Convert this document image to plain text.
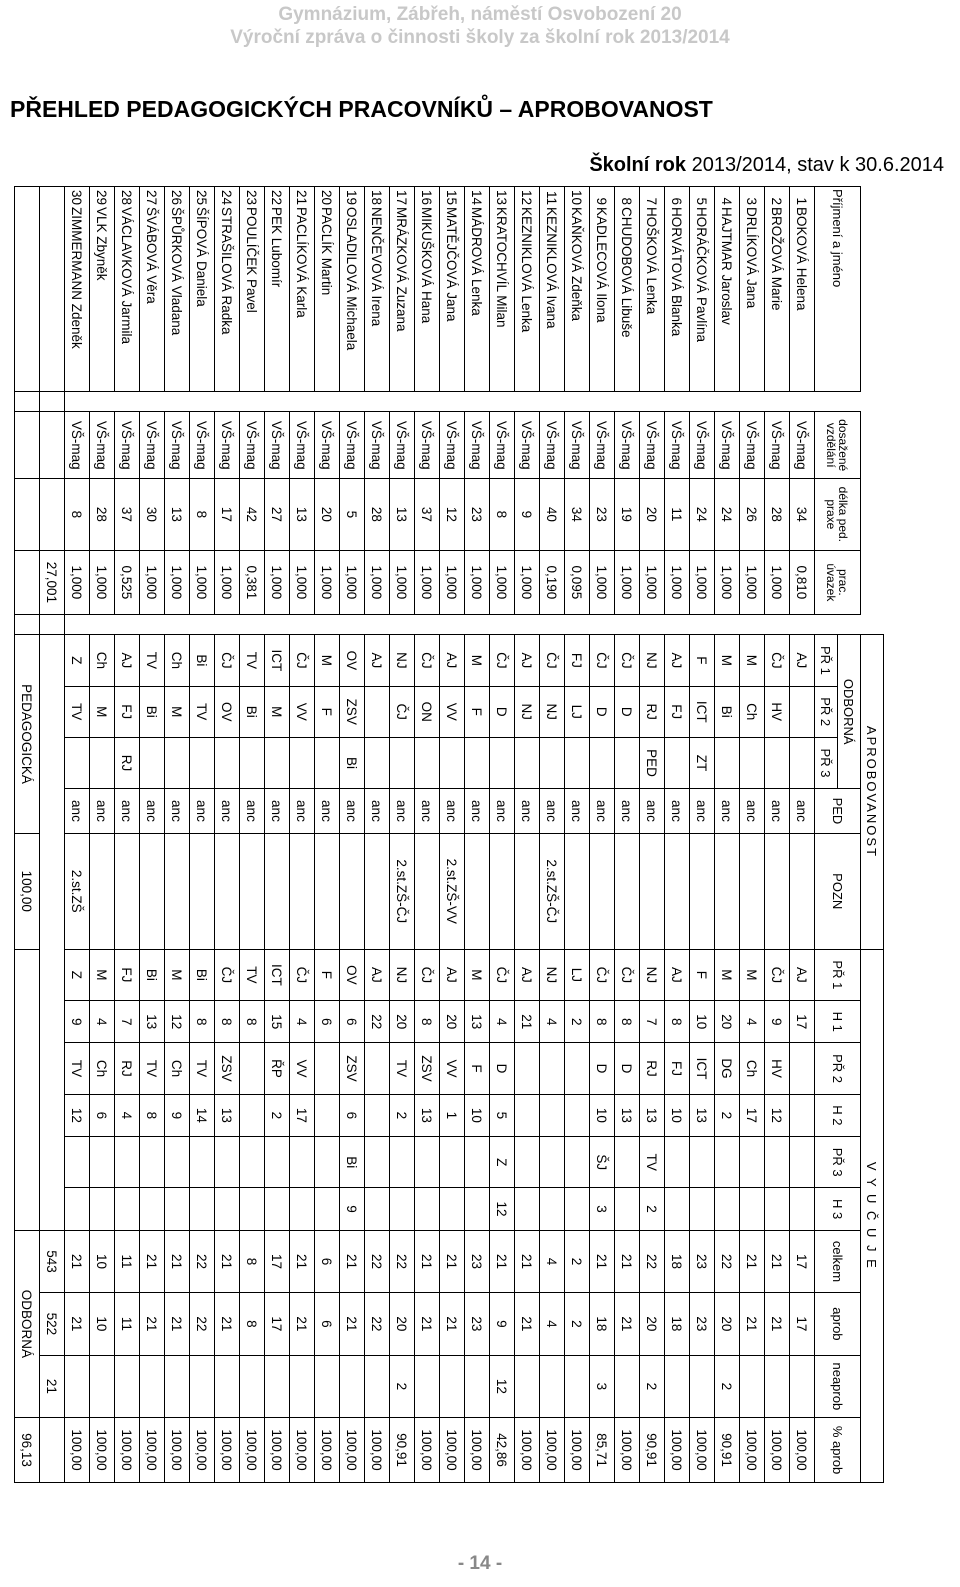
Gymnázium, Zábřeh, náměstí Osvobození 20
Výroční zpráva o činnosti školy za školní rok 2013/2014
PŘEHLED PEDAGOGICKÝCH PRACOVNÍKŮ – APROBOVANOST
Školní rok 2013/2014, stav k 30.6.2014
						APROBOVANOST					V Y U Č U J E									
Příjmení a jméno		dosažené vzdělání	délka ped. praxe	prac. úvazek		ODBORNÁ			PED	POZN	PŘ 1	H 1	PŘ 2	H 2	PŘ 3	H 3	celkem	aprob	neaprob	% aprob
						PŘ 1	PŘ 2	PŘ 3												
1BOKOVÁ Helena		VŠ-mag	34	0,810		AJ			anc		AJ	17					17	17		100,00
2BROŽOVÁ Marie		VŠ-mag	28	1,000		ČJ	HV		anc		ČJ	9	HV	12			21	21		100,00
3DRLÍKOVÁ Jana		VŠ-mag	26	1,000		M	Ch		anc		M	4	Ch	17			21	21		100,00
4HAJTMAR Jaroslav		VŠ-mag	24	1,000		M	Bi		anc		M	20	DG	2			22	20	2	90,91
5HORÁČKOVÁ Pavlína		VŠ-mag	24	1,000		F	ICT	ZT	anc		F	10	ICT	13			23	23		100,00
6HORVÁTOVÁ Blanka		VŠ-mag	11	1,000		AJ	FJ		anc		AJ	8	FJ	10			18	18		100,00
7HOŠKOVÁ Lenka		VŠ-mag	20	1,000		NJ	RJ	PED	anc		NJ	7	RJ	13	TV	2	22	20	2	90,91
8CHUDOBOVÁ Libuše		VŠ-mag	19	1,000		ČJ	D		anc		ČJ	8	D	13			21	21		100,00
9KADLECOVÁ Ilona		VŠ-mag	23	1,000		ČJ	D		anc		ČJ	8	D	10	ŠJ	3	21	18	3	85,71
10KAŇKOVÁ Zdeňka		VŠ-mag	34	0,095		FJ	LJ		anc		LJ	2					2	2		100,00
11KEZNIKLOVÁ Ivana		VŠ-mag	40	0,190		ČJ	NJ		anc	2.st.ZŠ-ČJ	NJ	4					4	4		100,00
12KEZNIKLOVÁ Lenka		VŠ-mag	9	1,000		AJ	NJ		anc		AJ	21					21	21		100,00
13KRATOCHVÍL Milan		VŠ-mag	8	1,000		ČJ	D		anc		ČJ	4	D	5	Z	12	21	9	12	42,86
14MÁDROVÁ Lenka		VŠ-mag	23	1,000		M	F		anc		M	13	F	10			23	23		100,00
15MATĚJČOVÁ Jana		VŠ-mag	12	1,000		AJ	VV		anc	2.st.ZŠ-VV	AJ	20	VV	1			21	21		100,00
16MIKUŠKOVÁ Hana		VŠ-mag	37	1,000		ČJ	ON		anc		ČJ	8	ZSV	13			21	21		100,00
17MRÁZKOVÁ Zuzana		VŠ-mag	13	1,000		NJ	ČJ		anc	2.st.ZŠ-ČJ	NJ	20	TV	2			22	20	2	90,91
18NENČEVOVÁ Irena		VŠ-mag	28	1,000		AJ			anc		AJ	22					22	22		100,00
19OSLADILOVÁ Michaela		VŠ-mag	5	1,000		OV	ZSV	Bi	anc		OV	6	ZSV	6	Bi	9	21	21		100,00
20PACLÍK Martin		VŠ-mag	20	1,000		M	F		anc		F	6					6	6		100,00
21PACLÍKOVÁ Karla		VŠ-mag	13	1,000		ČJ	VV		anc		ČJ	4	VV	17			21	21		100,00
22PEK Lubomír		VŠ-mag	27	1,000		ICT	M		anc		ICT	15	ŘP	2			17	17		100,00
23POULÍČEK Pavel		VŠ-mag	42	0,381		TV	Bi		anc		TV	8					8	8		100,00
24STRAŠILOVÁ Radka		VŠ-mag	17	1,000		ČJ	OV		anc		ČJ	8	ZSV	13			21	21		100,00
25ŠÍPOVÁ Daniela		VŠ-mag	8	1,000		Bi	TV		anc		Bi	8	TV	14			22	22		100,00
26ŠPŮRKOVÁ Vladana		VŠ-mag	13	1,000		Ch	M		anc		M	12	Ch	9			21	21		100,00
27ŠVÁBOVÁ Věra		VŠ-mag	30	1,000		TV	Bi		anc		Bi	13	TV	8			21	21		100,00
28VÁCLAVKOVÁ Jarmila		VŠ-mag	37	0,525		AJ	FJ	RJ	anc		FJ	7	RJ	4			11	11		100,00
29VLK Zbyněk		VŠ-mag	28	1,000		Ch	M		anc		M	4	Ch	6			10	10		100,00
30ZIMMERMANN Zdeněk		VŠ-mag	8	1,000		Z	TV		anc	2.st.ZŠ	Z	9	TV	12			21	21		100,00
				27,001													543	522	21	
						PEDAGOGICKÁ				100,00							ODBORNÁ			96,13
- 14 -
